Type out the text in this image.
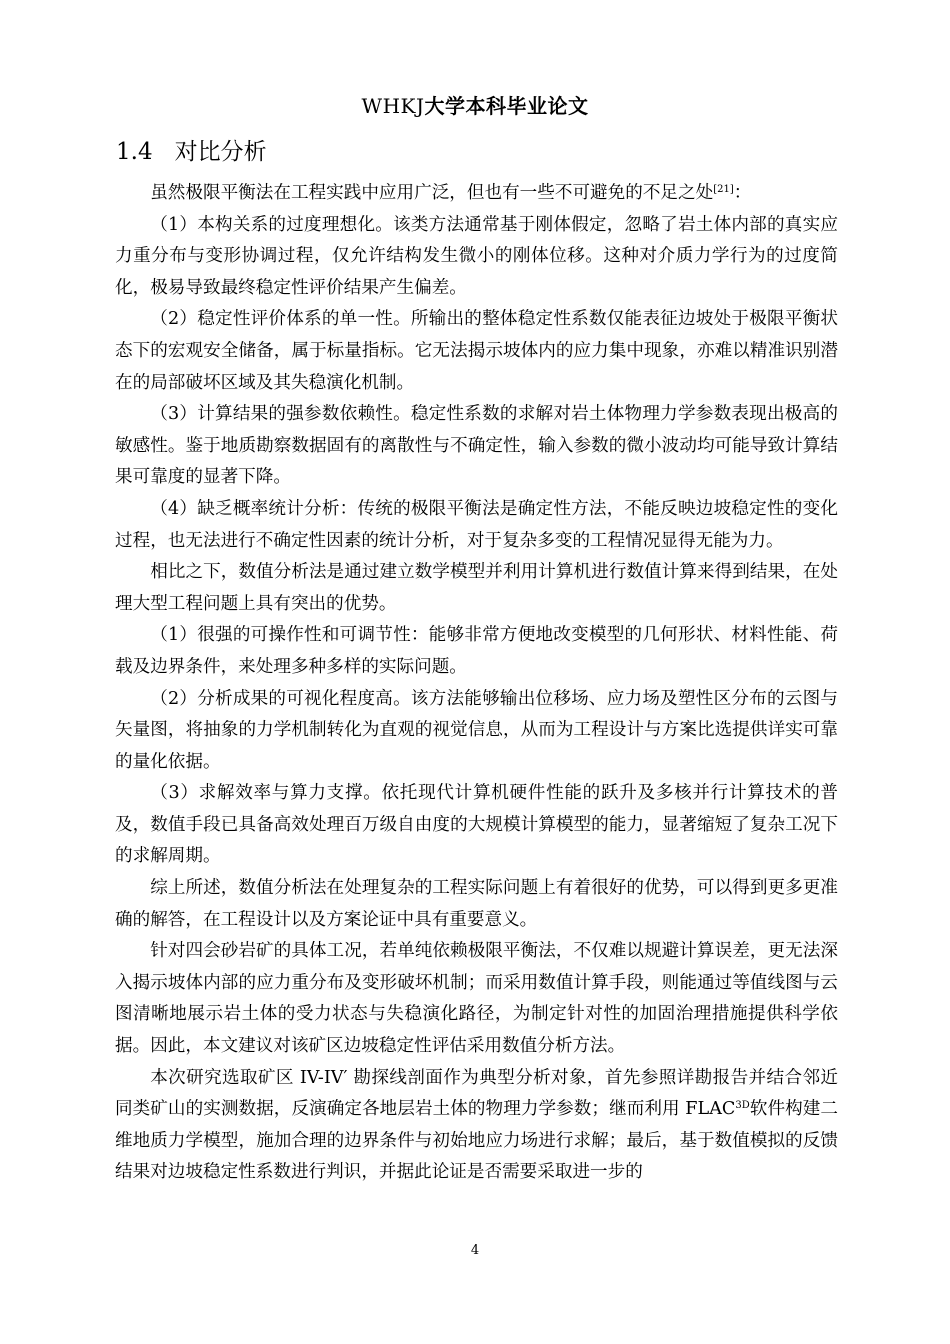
WHKJ大学本科毕业论文
1.4 对比分析

虽然极限平衡法在工程实践中应用广泛，但也有一些不可避免的不足之处[21]：

（1）本构关系的过度理想化。该类方法通常基于刚体假定，忽略了岩土体内部的真实应力重分布与变形协调过程，仅允许结构发生微小的刚体位移。这种对介质力学行为的过度简化，极易导致最终稳定性评价结果产生偏差。

（2）稳定性评价体系的单一性。所输出的整体稳定性系数仅能表征边坡处于极限平衡状态下的宏观安全储备，属于标量指标。它无法揭示坡体内的应力集中现象，亦难以精准识别潜在的局部破坏区域及其失稳演化机制。

（3）计算结果的强参数依赖性。稳定性系数的求解对岩土体物理力学参数表现出极高的敏感性。鉴于地质勘察数据固有的离散性与不确定性，输入参数的微小波动均可能导致计算结果可靠度的显著下降。

（4）缺乏概率统计分析：传统的极限平衡法是确定性方法，不能反映边坡稳定性的变化过程，也无法进行不确定性因素的统计分析，对于复杂多变的工程情况显得无能为力。

相比之下，数值分析法是通过建立数学模型并利用计算机进行数值计算来得到结果，在处理大型工程问题上具有突出的优势。

（1）很强的可操作性和可调节性：能够非常方便地改变模型的几何形状、材料性能、荷载及边界条件，来处理多种多样的实际问题。

（2）分析成果的可视化程度高。该方法能够输出位移场、应力场及塑性区分布的云图与矢量图，将抽象的力学机制转化为直观的视觉信息，从而为工程设计与方案比选提供详实可靠的量化依据。

（3）求解效率与算力支撑。依托现代计算机硬件性能的跃升及多核并行计算技术的普及，数值手段已具备高效处理百万级自由度的大规模计算模型的能力，显著缩短了复杂工况下的求解周期。

综上所述，数值分析法在处理复杂的工程实际问题上有着很好的优势，可以得到更多更准确的解答，在工程设计以及方案论证中具有重要意义。

针对四会砂岩矿的具体工况，若单纯依赖极限平衡法，不仅难以规避计算误差，更无法深入揭示坡体内部的应力重分布及变形破坏机制；而采用数值计算手段，则能通过等值线图与云图清晰地展示岩土体的受力状态与失稳演化路径，为制定针对性的加固治理措施提供科学依据。因此，本文建议对该矿区边坡稳定性评估采用数值分析方法。

本次研究选取矿区 IV-IV′ 勘探线剖面作为典型分析对象，首先参照详勘报告并结合邻近同类矿山的实测数据，反演确定各地层岩土体的物理力学参数；继而利用 $FLAC^{3D}$软件构建二维地质力学模型，施加合理的边界条件与初始地应力场进行求解；最后，基于数值模拟的反馈结果对边坡稳定性系数进行判识，并据此论证是否需要采取进一步的

4
